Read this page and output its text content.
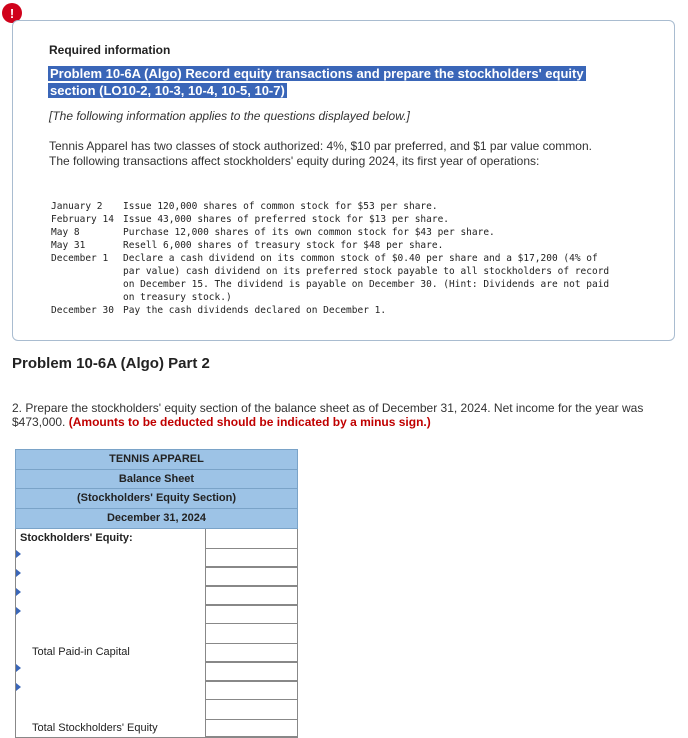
!
Required information
Problem 10-6A (Algo) Record equity transactions and prepare the stockholders' equity section (LO10-2, 10-3, 10-4, 10-5, 10-7)
[The following information applies to the questions displayed below.]
Tennis Apparel has two classes of stock authorized: 4%, $10 par preferred, and $1 par value common. The following transactions affect stockholders' equity during 2024, its first year of operations:
January 2	Issue 120,000 shares of common stock for $53 per share.
February 14	Issue 43,000 shares of preferred stock for $13 per share.
May 8	Purchase 12,000 shares of its own common stock for $43 per share.
May 31	Resell 6,000 shares of treasury stock for $48 per share.
December 1	Declare a cash dividend on its common stock of $0.40 per share and a $17,200 (4% of par value) cash dividend on its preferred stock payable to all stockholders of record on December 15. The dividend is payable on December 30. (Hint: Dividends are not paid on treasury stock.)
December 30	Pay the cash dividends declared on December 1.
Problem 10-6A (Algo) Part 2
2. Prepare the stockholders' equity section of the balance sheet as of December 31, 2024. Net income for the year was $473,000. (Amounts to be deducted should be indicated by a minus sign.)
TENNIS APPAREL
Balance Sheet
(Stockholders' Equity Section)
December 31, 2024
Stockholders' Equity:
Total Paid-in Capital
Total Stockholders' Equity
